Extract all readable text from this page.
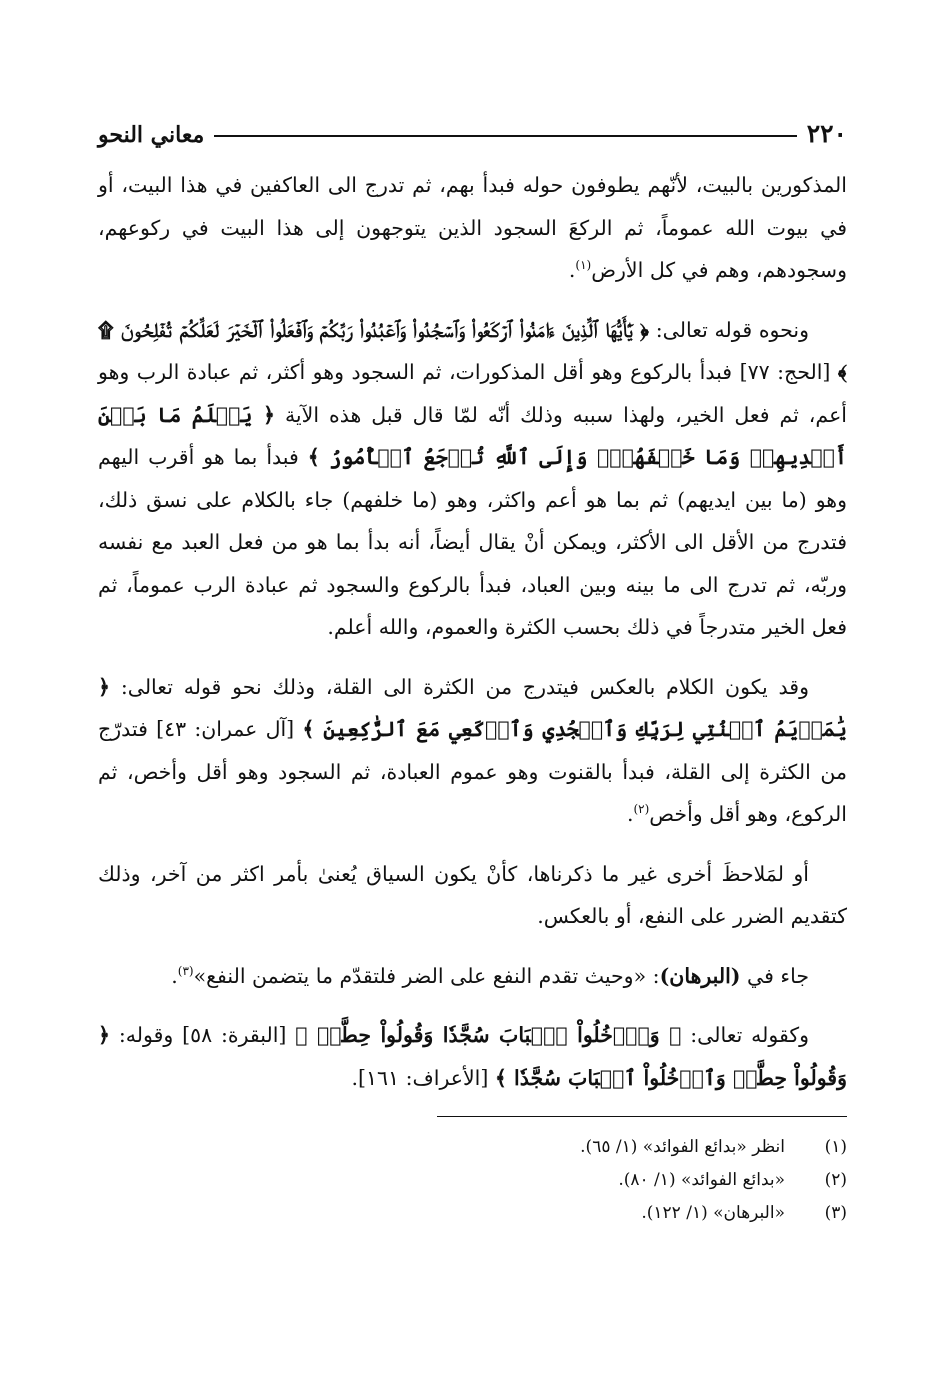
٢٢٠
معاني النحو

المذكورين بالبيت، لأنّهم يطوفون حوله فبدأ بهم، ثم تدرج الى العاكفين في هذا البيت، أو في بيوت الله عموماً، ثم الركعَ السجود الذين يتوجهون إلى هذا البيت في ركوعهم، وسجودهم، وهم في كل الأرض$^{(١)}$.

ونحوه قوله تعالى: ﴿ يَٰٓأَيُّهَا ٱلَّذِينَ ءَامَنُواْ ٱرۡكَعُواْ وَٱسۡجُدُواْ وَٱعۡبُدُواْ رَبَّكُمۡ وَٱفۡعَلُواْ ٱلۡخَيۡرَ لَعَلَّكُمۡ تُفۡلِحُونَ ۩ ﴾ [الحج: ٧٧] فبدأ بالركوع وهو أقل المذكورات، ثم السجود وهو أكثر، ثم عبادة الرب وهو أعم، ثم فعل الخير، ولهذا سببه وذلك أنّه لمّا قال قبل هذه الآية ﴿ يَعۡلَمُ مَا بَيۡنَ أَيۡدِيهِمۡ وَمَا خَلۡفَهُمۡۗ وَإِلَى ٱللَّهِ تُرۡجَعُ ٱلۡأُمُورُ ﴾ فبدأ بما هو أقرب اليهم وهو (ما بين ايديهم) ثم بما هو أعم واكثر، وهو (ما خلفهم) جاء بالكلام على نسق ذلك، فتدرج من الأقل الى الأكثر، ويمكن أنْ يقال أيضاً، أنه بدأ بما هو من فعل العبد مع نفسه وربّه، ثم تدرج الى ما بينه وبين العباد، فبدأ بالركوع والسجود ثم عبادة الرب عموماً، ثم فعل الخير متدرجاً في ذلك بحسب الكثرة والعموم، والله أعلم.

وقد يكون الكلام بالعكس فيتدرج من الكثرة الى القلة، وذلك نحو قوله تعالى: ﴿ يَٰمَرۡيَمُ ٱقۡنُتِي لِرَبِّكِ وَٱسۡجُدِي وَٱرۡكَعِي مَعَ ٱلرَّٰكِعِينَ ﴾ [آل عمران: ٤٣] فتدرّج من الكثرة إلى القلة، فبدأ بالقنوت وهو عموم العبادة، ثم السجود وهو أقل وأخص، ثم الركوع، وهو أقل وأخص$^{(٢)}$.

أو لمَلاحظَ أخرى غير ما ذكرناها، كأنْ يكون السياق يُعنىٰ بأمر اكثر من آخر، وذلك كتقديم الضرر على النفع، أو بالعكس.

جاء في (البرهان): «وحيث تقدم النفع على الضر فلتقدّم ما يتضمن النفع»$^{(٣)}$.

وكقوله تعالى: ﴿ وَٱدۡخُلُواْ ٱلۡبَابَ سُجَّدٗا وَقُولُواْ حِطَّةٞ ﴾ [البقرة: ٥٨] وقوله: ﴿ وَقُولُواْ حِطَّةٞ وَٱدۡخُلُواْ ٱلۡبَابَ سُجَّدٗا ﴾ [الأعراف: ١٦١].

(١)
انظر «بدائع الفوائد» (١/ ٦٥).
(٢)
«بدائع الفوائد» (١/ ٨٠).
(٣)
«البرهان» (١/ ١٢٢).
